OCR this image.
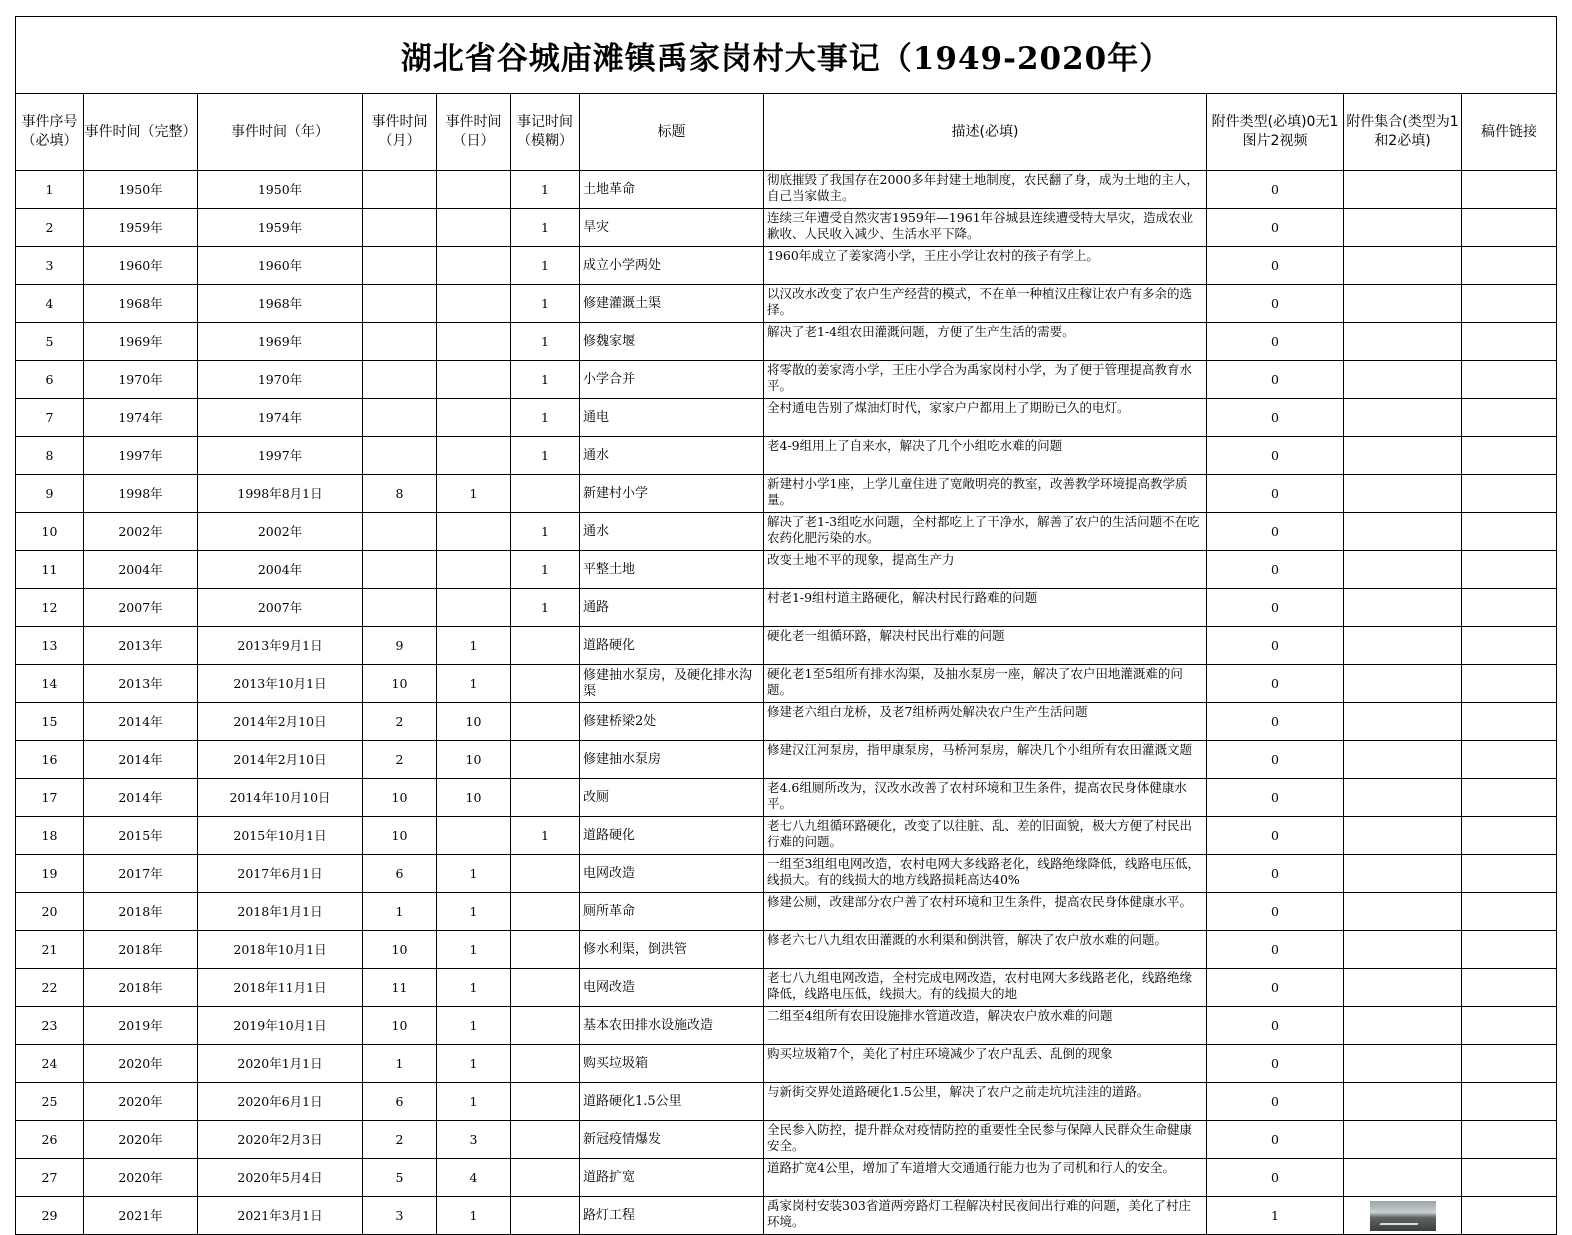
湖北省谷城庙滩镇禹家岗村大事记（1949-2020年）										
事件序号（必填）	事件时间（完整）	事件时间（年）	事件时间（月）	事件时间（日）	事记时间（模糊）	标题	描述(必填)	附件类型(必填)0无1图片2视频	附件集合(类型为1和2必填)	稿件链接
1	1950年	1950年			1	土地革命	彻底摧毁了我国存在2000多年封建土地制度，农民翻了身，成为土地的主人，自己当家做主。	0		
2	1959年	1959年			1	旱灾	连续三年遭受自然灾害1959年—1961年谷城县连续遭受特大旱灾，造成农业歉收、人民收入减少、生活水平下降。	0		
3	1960年	1960年			1	成立小学两处	1960年成立了姜家湾小学，王庄小学让农村的孩子有学上。	0		
4	1968年	1968年			1	修建灌溉土渠	以汉改水改变了农户生产经营的模式，不在单一种植汉庄稼让农户有多余的选择。	0		
5	1969年	1969年			1	修魏家堰	解决了老1-4组农田灌溉问题，方便了生产生活的需要。	0		
6	1970年	1970年			1	小学合并	将零散的姜家湾小学，王庄小学合为禹家岗村小学，为了便于管理提高教育水平。	0		
7	1974年	1974年			1	通电	全村通电告别了煤油灯时代，家家户户都用上了期盼已久的电灯。	0		
8	1997年	1997年			1	通水	老4-9组用上了自来水，解决了几个小组吃水难的问题	0		
9	1998年	1998年8月1日	8	1		新建村小学	新建村小学1座，上学儿童住进了宽敞明亮的教室，改善教学环境提高教学质量。	0		
10	2002年	2002年			1	通水	解决了老1-3组吃水问题，全村都吃上了干净水，解善了农户的生活问题不在吃农药化肥污染的水。	0		
11	2004年	2004年			1	平整土地	改变土地不平的现象，提高生产力	0		
12	2007年	2007年			1	通路	村老1-9组村道主路硬化，解决村民行路难的问题	0		
13	2013年	2013年9月1日	9	1		道路硬化	硬化老一组循环路，解决村民出行难的问题	0		
14	2013年	2013年10月1日	10	1		修建抽水泵房，及硬化排水沟渠	硬化老1至5组所有排水沟渠，及抽水泵房一座，解决了农户田地灌溉难的问题。	0		
15	2014年	2014年2月10日	2	10		修建桥梁2处	修建老六组白龙桥，及老7组桥两处解决农户生产生活问题	0		
16	2014年	2014年2月10日	2	10		修建抽水泵房	修建汉江河泵房，指甲康泵房，马桥河泵房，解决几个小组所有农田灌溉文题	0		
17	2014年	2014年10月10日	10	10		改厕	老4.6组厕所改为，汉改水改善了农村环境和卫生条件，提高农民身体健康水平。	0		
18	2015年	2015年10月1日	10		1	道路硬化	老七八九组循环路硬化，改变了以往脏、乱、差的旧面貌，极大方便了村民出行难的问题。	0		
19	2017年	2017年6月1日	6	1		电网改造	一组至3组组电网改造，农村电网大多线路老化，线路绝缘降低，线路电压低，线损大。有的线损大的地方线路损耗高达40%	0		
20	2018年	2018年1月1日	1	1		厕所革命	修建公厕，改建部分农户善了农村环境和卫生条件，提高农民身体健康水平。	0		
21	2018年	2018年10月1日	10	1		修水利渠，倒洪管	修老六七八九组农田灌溉的水利渠和倒洪管，解决了农户放水难的问题。	0		
22	2018年	2018年11月1日	11	1		电网改造	老七八九组电网改造，全村完成电网改造，农村电网大多线路老化，线路绝缘降低，线路电压低，线损大。有的线损大的地	0		
23	2019年	2019年10月1日	10	1		基本农田排水设施改造	二组至4组所有农田设施排水管道改造，解决农户放水难的问题	0		
24	2020年	2020年1月1日	1	1		购买垃圾箱	购买垃圾箱7个，美化了村庄环境减少了农户乱丢、乱倒的现象	0		
25	2020年	2020年6月1日	6	1		道路硬化1.5公里	与新街交界处道路硬化1.5公里，解决了农户之前走坑坑洼洼的道路。	0		
26	2020年	2020年2月3日	2	3		新冠疫情爆发	全民参入防控，提升群众对疫情防控的重要性全民参与保障人民群众生命健康安全。	0		
27	2020年	2020年5月4日	5	4		道路扩宽	道路扩宽4公里，增加了车道增大交通通行能力也为了司机和行人的安全。	0		
29	2021年	2021年3月1日	3	1		路灯工程	禹家岗村安装303省道两旁路灯工程解决村民夜间出行难的问题，美化了村庄环境。	1		
